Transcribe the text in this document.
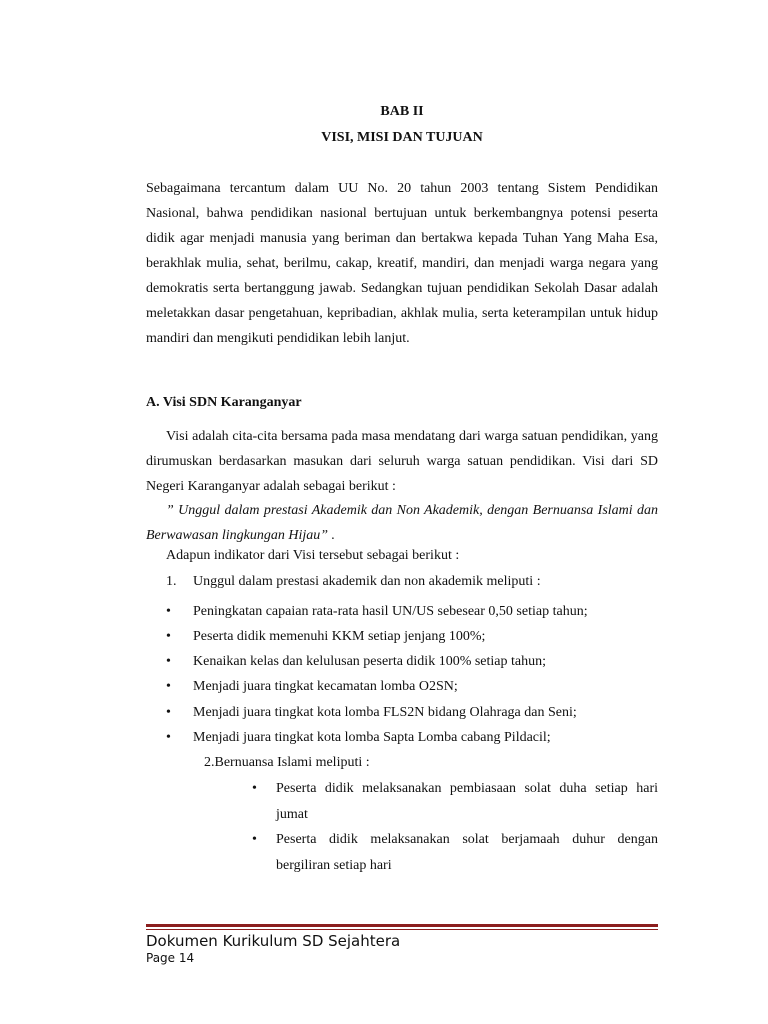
BAB II
VISI, MISI DAN TUJUAN
Sebagaimana tercantum dalam UU No. 20 tahun 2003 tentang Sistem Pendidikan Nasional, bahwa pendidikan nasional bertujuan untuk berkembangnya potensi peserta didik agar menjadi manusia yang beriman dan bertakwa kepada Tuhan Yang Maha Esa, berakhlak mulia, sehat, berilmu, cakap, kreatif, mandiri, dan menjadi warga negara yang demokratis serta bertanggung jawab. Sedangkan tujuan pendidikan Sekolah Dasar adalah meletakkan dasar pengetahuan, kepribadian, akhlak mulia, serta keterampilan untuk hidup mandiri dan mengikuti pendidikan lebih lanjut.
A. Visi SDN Karanganyar
Visi adalah cita-cita bersama pada masa mendatang dari warga satuan pendidikan, yang dirumuskan berdasarkan masukan dari seluruh warga satuan pendidikan. Visi dari SD Negeri Karanganyar adalah sebagai berikut :
” Unggul dalam prestasi Akademik dan Non Akademik, dengan Bernuansa Islami dan Berwawasan lingkungan Hijau” .
Adapun indikator dari Visi tersebut sebagai berikut :
1.	Unggul dalam prestasi akademik dan non akademik meliputi :
• Peningkatan capaian rata-rata hasil UN/US sebesear 0,50 setiap tahun;
• Peserta didik memenuhi KKM setiap jenjang 100%;
• Kenaikan kelas dan kelulusan peserta didik 100% setiap tahun;
• Menjadi juara tingkat kecamatan lomba O2SN;
• Menjadi juara tingkat kota lomba FLS2N bidang Olahraga dan Seni;
• Menjadi juara tingkat kota lomba Sapta Lomba cabang Pildacil;
2.Bernuansa Islami meliputi :
• Peserta didik melaksanakan pembiasaan solat duha setiap hari jumat
• Peserta didik melaksanakan solat berjamaah duhur dengan bergiliran setiap hari
Dokumen Kurikulum SD Sejahtera
Page 14
